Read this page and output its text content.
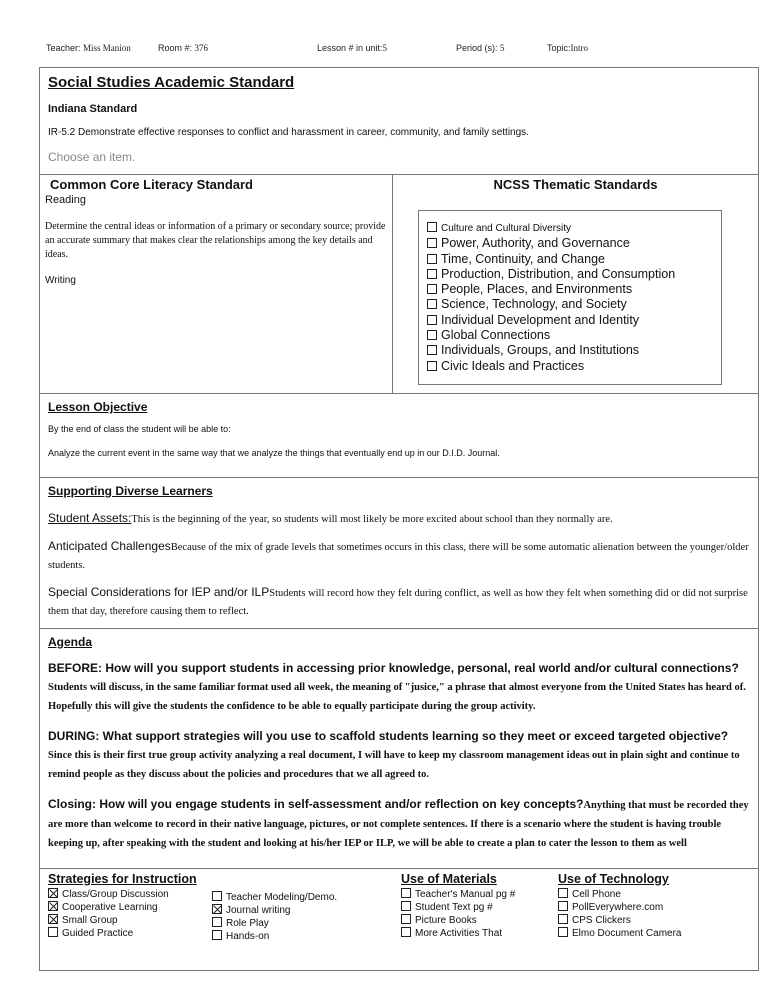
Teacher: Miss Manion	Room #: 376	Lesson # in unit:5	Period (s): 5	Topic:Intro
Social Studies Academic Standard
Indiana Standard
IR-5.2 Demonstrate effective responses to conflict and harassment in career, community, and family settings.
Choose an item.
Common Core Literacy Standard
Reading
Determine the central ideas or information of a primary or secondary source; provide an accurate summary that makes clear the relationships among the key details and ideas.
Writing
NCSS Thematic Standards
Culture and Cultural Diversity
Power, Authority, and Governance
Time, Continuity, and Change
Production, Distribution, and Consumption
People, Places, and Environments
Science, Technology, and Society
Individual Development and Identity
Global Connections
Individuals, Groups, and Institutions
Civic Ideals and Practices
Lesson Objective
By the end of class the student will be able to:
Analyze the current event in the same way that we analyze the things that eventually end up in our D.I.D. Journal.
Supporting Diverse Learners
Student Assets:This is the beginning of the year, so students will most likely be more excited about school than they normally are.
Anticipated ChallengesBecause of the mix of grade levels that sometimes occurs in this class, there will be some automatic alienation between the younger/older students.
Special Considerations for IEP and/or ILPStudents will record how they felt during conflict, as well as how they felt when something did or did not surprise them that day, therefore causing them to reflect.
Agenda
BEFORE: How will you support students in accessing prior knowledge, personal, real world and/or cultural connections?Students will discuss, in the same familiar format used all week, the meaning of "jusice," a phrase that almost everyone from the United States has heard of. Hopefully this will give the students the confidence to be able to equally participate during the group activity.
DURING: What support strategies will you use to scaffold students learning so they meet or exceed targeted objective?Since this is their first true group activity analyzing a real document, I will have to keep my classroom management ideas out in plain sight and continue to remind people as they discuss about the policies and procedures that we all agreed to.
Closing: How will you engage students in self-assessment and/or reflection on key concepts?Anything that must be recorded they are more than welcome to record in their native language, pictures, or not complete sentences. If there is a scenario where the student is having trouble keeping up, after speaking with the student and looking at his/her IEP or ILP, we will be able to create a plan to cater the lesson to them as well
Strategies for Instruction
Class/Group Discussion
Cooperative Learning
Small Group
Guided Practice
Teacher Modeling/Demo.
Journal writing
Role Play
Hands-on
Use of Materials
Teacher's Manual pg #
Student Text pg #
Picture Books
More Activities That
Use of Technology
Cell Phone
PollEverywhere.com
CPS Clickers
Elmo Document Camera
